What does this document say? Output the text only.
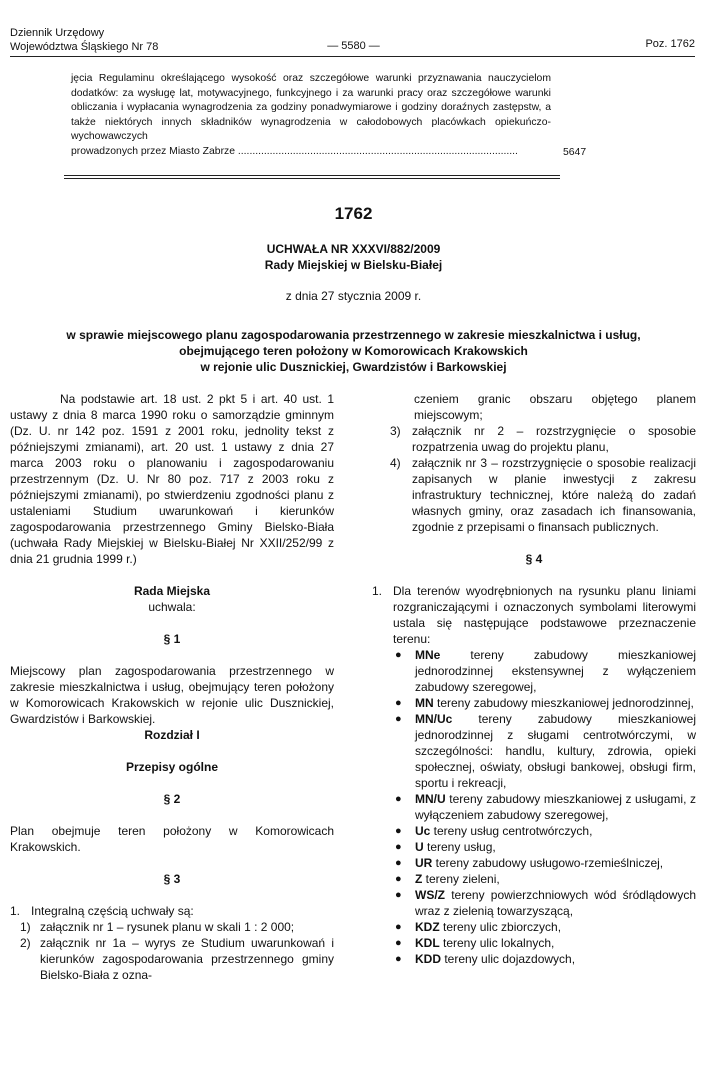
Dziennik Urzędowy
Województwa Śląskiego Nr 78	— 5580 —	Poz. 1762
jęcia Regulaminu określającego wysokość oraz szczegółowe warunki przyznawania nauczycielom dodatków: za wysługę lat, motywacyjnego, funkcyjnego i za warunki pracy oraz szczegółowe warunki obliczania i wypłacania wynagrodzenia za godziny ponadwymiarowe i godziny doraźnych zastępstw, a także niektórych innych składników wynagrodzenia w całodobowych placówkach opiekuńczo-wychowawczych
prowadzonych przez Miasto Zabrze .................................................................................................	5647
1762
UCHWAŁA NR XXXVI/882/2009
Rady Miejskiej w Bielsku-Białej
z dnia 27 stycznia 2009 r.
w sprawie miejscowego planu zagospodarowania przestrzennego w zakresie mieszkalnictwa i usług,
obejmującego teren położony w Komorowicach Krakowskich
w rejonie ulic Dusznickiej, Gwardzistów i Barkowskiej
Na podstawie art. 18 ust. 2 pkt 5 i art. 40 ust. 1 ustawy z dnia 8 marca 1990 roku o samorządzie gminnym (Dz. U. nr 142 poz. 1591 z 2001 roku, jednolity tekst z późniejszymi zmianami), art. 20 ust. 1 ustawy z dnia 27 marca 2003 roku o planowaniu i zagospodarowaniu przestrzennym (Dz. U. Nr 80 poz. 717 z 2003 roku z późniejszymi zmianami), po stwierdzeniu zgodności planu z ustaleniami Studium uwarunkowań i kierunków zagospodarowania przestrzennego Gminy Bielsko-Biała (uchwała Rady Miejskiej w Bielsku-Białej Nr XXII/252/99 z dnia 21 grudnia 1999 r.)
Rada Miejska
uchwala:
§ 1
Miejscowy plan zagospodarowania przestrzennego w zakresie mieszkalnictwa i usług, obejmujący teren położony w Komorowicach Krakowskich w rejonie ulic Dusznickiej, Gwardzistów i Barkowskiej.
Rozdział I
Przepisy ogólne
§ 2
Plan obejmuje teren położony w Komorowicach Krakowskich.
§ 3
1. Integralną częścią uchwały są:
1) załącznik nr 1 – rysunek planu w skali 1 : 2 000;
2) załącznik nr 1a – wyrys ze Studium uwarunkowań i kierunków zagospodarowania przestrzennego gminy Bielsko-Biała z ozna-
czeniem granic obszaru objętego planem miejscowym;
3) załącznik nr 2 – rozstrzygnięcie o sposobie rozpatrzenia uwag do projektu planu,
4) załącznik nr 3 – rozstrzygnięcie o sposobie realizacji zapisanych w planie inwestycji z zakresu infrastruktury technicznej, które należą do zadań własnych gminy, oraz zasadach ich finansowania, zgodnie z przepisami o finansach publicznych.
§ 4
1. Dla terenów wyodrębnionych na rysunku planu liniami rozgraniczającymi i oznaczonych symbolami literowymi ustala się następujące podstawowe przeznaczenie terenu:
●	MNe tereny zabudowy mieszkaniowej jednorodzinnej ekstensywnej z wyłączeniem zabudowy szeregowej,
●	MN tereny zabudowy mieszkaniowej jednorodzinnej,
●	MN/Uc tereny zabudowy mieszkaniowej jednorodzinnej z sługami centrotwórczymi, w szczególności: handlu, kultury, zdrowia, opieki społecznej, oświaty, obsługi bankowej, obsługi firm, sportu i rekreacji,
●	MN/U tereny zabudowy mieszkaniowej z usługami, z wyłączeniem zabudowy szeregowej,
●	Uc tereny usług centrotwórczych,
●	U tereny usług,
●	UR tereny zabudowy usługowo-rzemieślniczej,
●	Z tereny zieleni,
●	WS/Z tereny powierzchniowych wód śródlądowych wraz z zielenią towarzyszącą,
●	KDZ tereny ulic zbiorczych,
●	KDL tereny ulic lokalnych,
●	KDD tereny ulic dojazdowych,
